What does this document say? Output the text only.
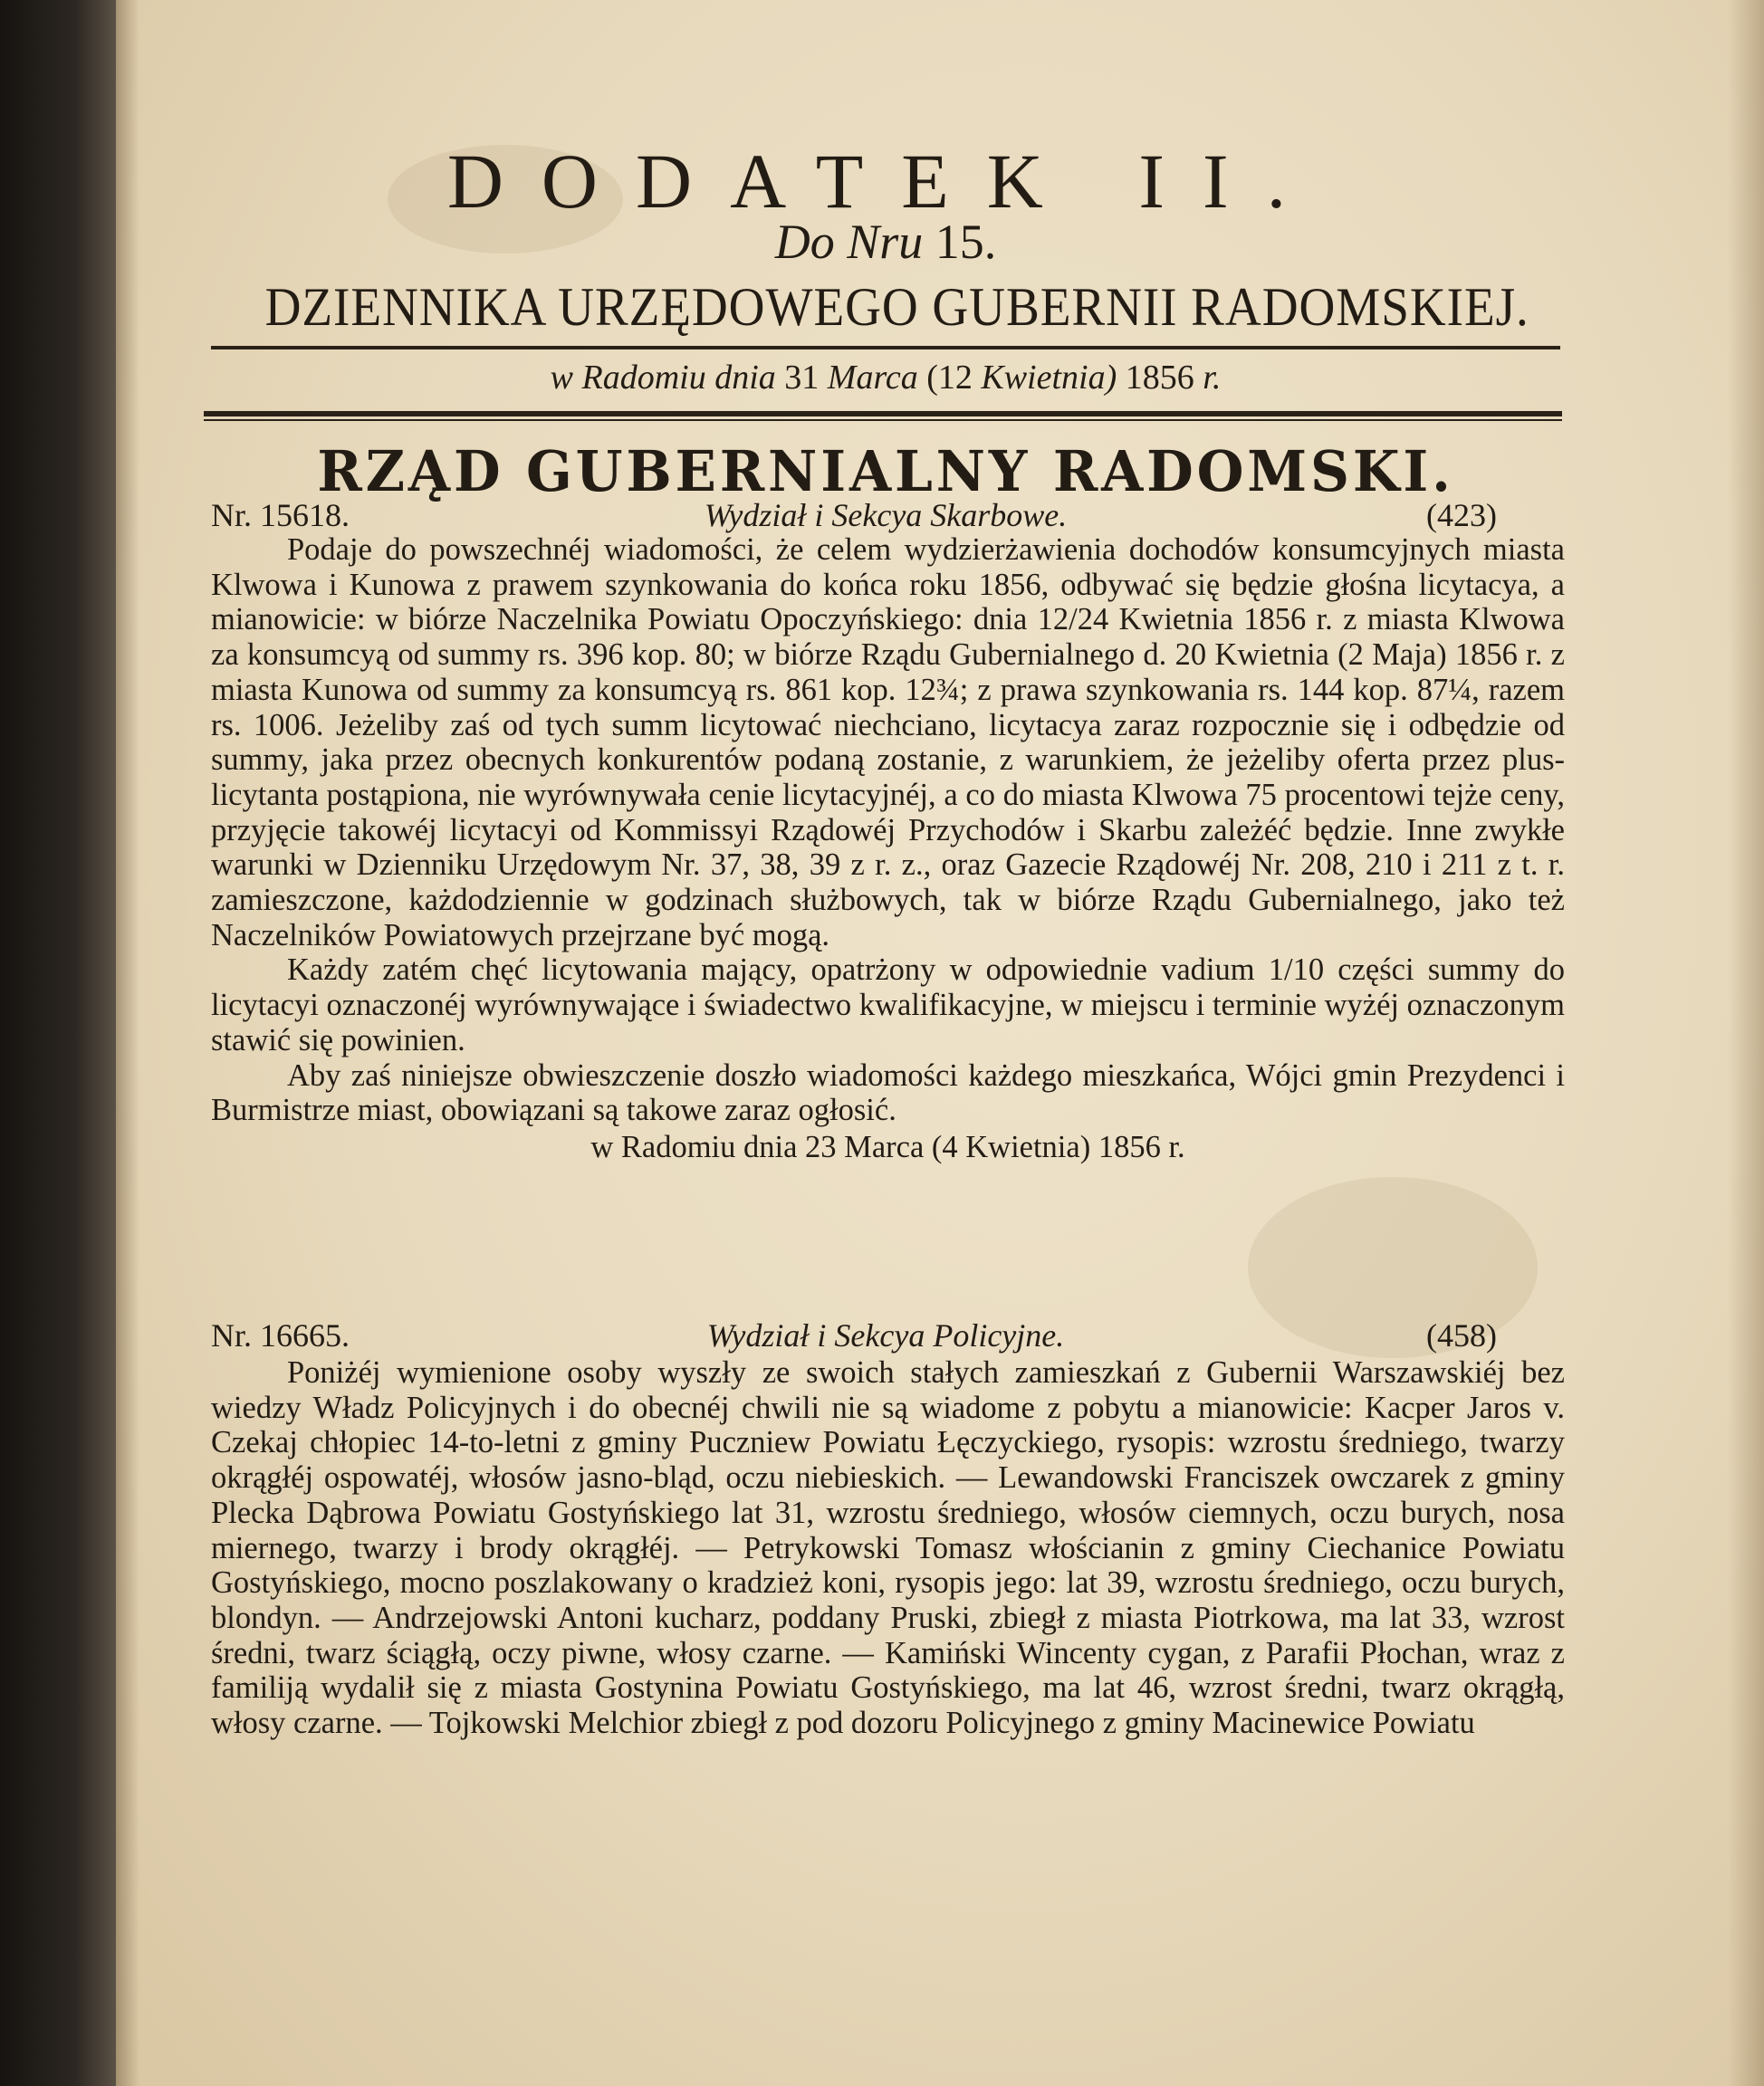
DODATEK II.
Do Nru 15.
DZIENNIKA URZĘDOWEGO GUBERNII RADOMSKIEJ.
w Radomiu dnia 31 Marca (12 Kwietnia) 1856 r.
RZĄD GUBERNIALNY RADOMSKI.
Nr. 15618.	Wydział i Sekcya Skarbowe.	(423)

Podaje do powszechnéj wiadomości, że celem wydzierżawienia dochodów konsumcyjnych miasta Klwowa i Kunowa z prawem szynkowania do końca roku 1856, odbywać się będzie głośna licytacya, a mianowicie: w biórze Naczelnika Powiatu Opoczyńskiego: dnia 12/24 Kwietnia 1856 r. z miasta Klwowa za konsumcyą od summy rs. 396 kop. 80; w biórze Rządu Gubernialnego d. 20 Kwietnia (2 Maja) 1856 r. z miasta Kunowa od summy za konsumcyą rs. 861 kop. 12¾; z prawa szynkowania rs. 144 kop. 87¼, razem rs. 1006. Jeżeliby zaś od tych summ licytować niechciano, licytacya zaraz rozpocznie się i odbędzie od summy, jaka przez obecnych konkurentów podaną zostanie, z warunkiem, że jeżeliby oferta przez plus-licytanta postąpiona, nie wyrównywała cenie licytacyjnéj, a co do miasta Klwowa 75 procentowi tejże ceny, przyjęcie takowéj licytacyi od Kommissyi Rządowéj Przychodów i Skarbu zależéć będzie. Inne zwykłe warunki w Dzienniku Urzędowym Nr. 37, 38, 39 z r. z., oraz Gazecie Rządowéj Nr. 208, 210 i 211 z t. r. zamieszczone, każdodziennie w godzinach służbowych, tak w biórze Rządu Gubernialnego, jako też Naczelników Powiatowych przejrzane być mogą.

Każdy zatém chęć licytowania mający, opatrżony w odpowiednie vadium 1/10 części summy do licytacyi oznaczonéj wyrównywające i świadectwo kwalifikacyjne, w miejscu i terminie wyżéj oznaczonym stawić się powinien.

Aby zaś niniejsze obwieszczenie doszło wiadomości każdego mieszkańca, Wójci gmin Prezydenci i Burmistrze miast, obowiązani są takowe zaraz ogłosić.

w Radomiu dnia 23 Marca (4 Kwietnia) 1856 r.

Nr. 16665.	Wydział i Sekcya Policyjne.	(458)

Poniżéj wymienione osoby wyszły ze swoich stałych zamieszkań z Gubernii Warszawskiéj bez wiedzy Władz Policyjnych i do obecnéj chwili nie są wiadome z pobytu a mianowicie: Kacper Jaros v. Czekaj chłopiec 14-to-letni z gminy Puczniew Powiatu Łęczyckiego, rysopis: wzrostu średniego, twarzy okrągłéj ospowatéj, włosów jasno-bląd, oczu niebieskich. — Lewandowski Franciszek owczarek z gminy Plecka Dąbrowa Powiatu Gostyńskiego lat 31, wzrostu średniego, włosów ciemnych, oczu burych, nosa miernego, twarzy i brody okrągłéj. — Petrykowski Tomasz włościanin z gminy Ciechanice Powiatu Gostyńskiego, mocno poszlakowany o kradzież koni, rysopis jego: lat 39, wzrostu średniego, oczu burych, blondyn. — Andrzejowski Antoni kucharz, poddany Pruski, zbiegł z miasta Piotrkowa, ma lat 33, wzrost średni, twarz ściągłą, oczy piwne, włosy czarne. — Kamiński Wincenty cygan, z Parafii Płochan, wraz z familiją wydalił się z miasta Gostynina Powiatu Gostyńskiego, ma lat 46, wzrost średni, twarz okrągłą, włosy czarne. — Tojkowski Melchior zbiegł z pod dozoru Policyjnego z gminy Macinewice Powiatu
